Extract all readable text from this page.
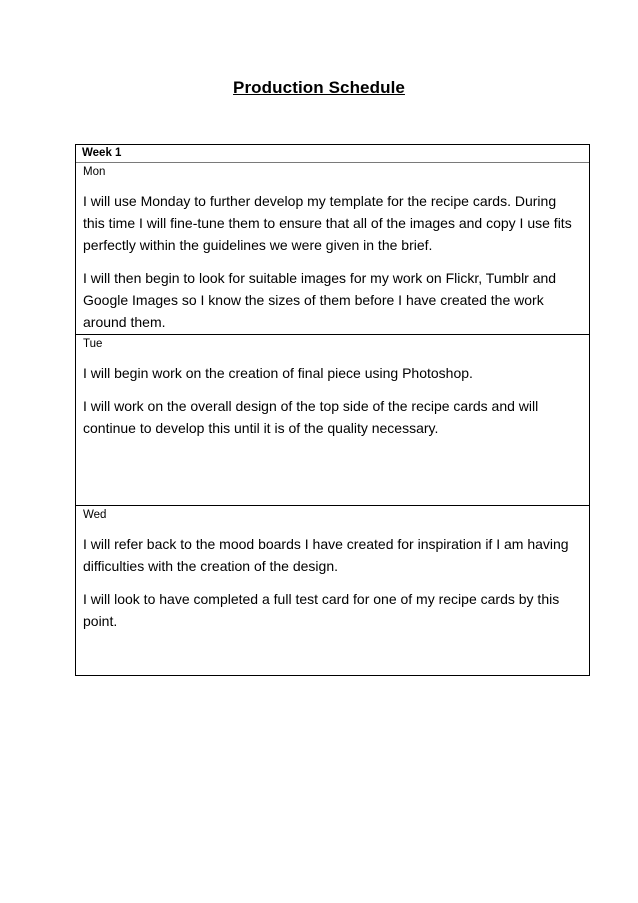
Production Schedule
Week 1
Mon

I will use Monday to further develop my template for the recipe cards. During this time I will fine-tune them to ensure that all of the images and copy I use fits perfectly within the guidelines we were given in the brief.

I will then begin to look for suitable images for my work on Flickr, Tumblr and Google Images so I know the sizes of them before I have created the work around them.

Tue

I will begin work on the creation of final piece using Photoshop.

I will work on the overall design of the top side of the recipe cards and will continue to develop this until it is of the quality necessary.

Wed

I will refer back to the mood boards I have created for inspiration if I am having difficulties with the creation of the design.

I will look to have completed a full test card for one of my recipe cards by this point.
